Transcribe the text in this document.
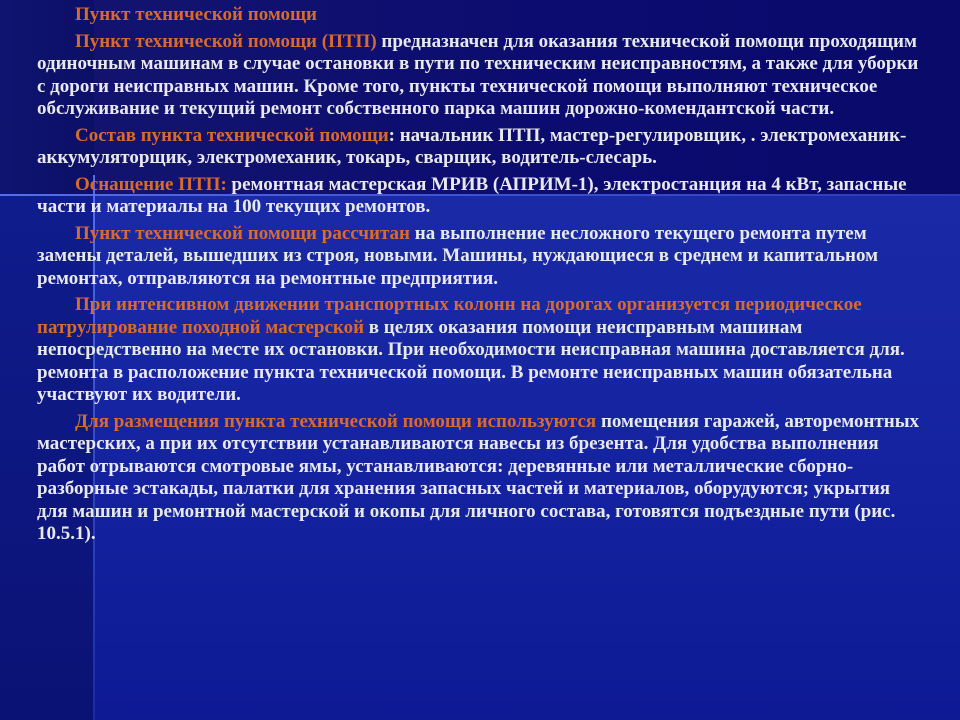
Пункт технической помощи

Пункт технической помощи (ПТП) предназначен для оказания технической помощи проходящим одиночным машинам в случае остановки в пути по техническим неисправностям, а также для уборки с дороги неисправных машин. Кроме того, пункты технической помощи выполняют техническое обслуживание и текущий ремонт собственного парка машин дорожно-комендантской части.

Состав пункта технической помощи: начальник ПТП, мастер-регулировщик, . электромеханик-аккумуляторщик, электромеханик, токарь, сварщик, водитель-слесарь.

Оснащение ПТП: ремонтная мастерская МРИВ (АПРИМ-1), электростанция на 4 кВт, запасные части и материалы на 100 текущих ремонтов.

Пункт технической помощи рассчитан на выполнение несложного текущего ремонта путем замены деталей, вышедших из строя, новыми. Машины, нуждающиеся в среднем и капитальном ремонтах, отправляются на ремонтные предприятия.

При интенсивном движении транспортных колонн на дорогах организуется периодическое патрулирование походной мастерской в целях оказания помощи неисправным машинам непосредственно на месте их остановки. При необходимости неисправная машина доставляется для. ремонта в расположение пункта технической помощи. В ремонте неисправных машин обязательна участвуют их водители.

Для размещения пункта технической помощи используются помещения гаражей, авторемонтных мастерских, а при их отсутствии устанавливаются навесы из брезента. Для удобства выполнения работ отрываются смотровые ямы, устанавливаются: деревянные или металлические сборно-разборные эстакады, палатки для хранения запасных частей и материалов, оборудуются; укрытия для машин и ремонтной мастерской и окопы для личного состава, готовятся подъездные пути (рис. 10.5.1).
